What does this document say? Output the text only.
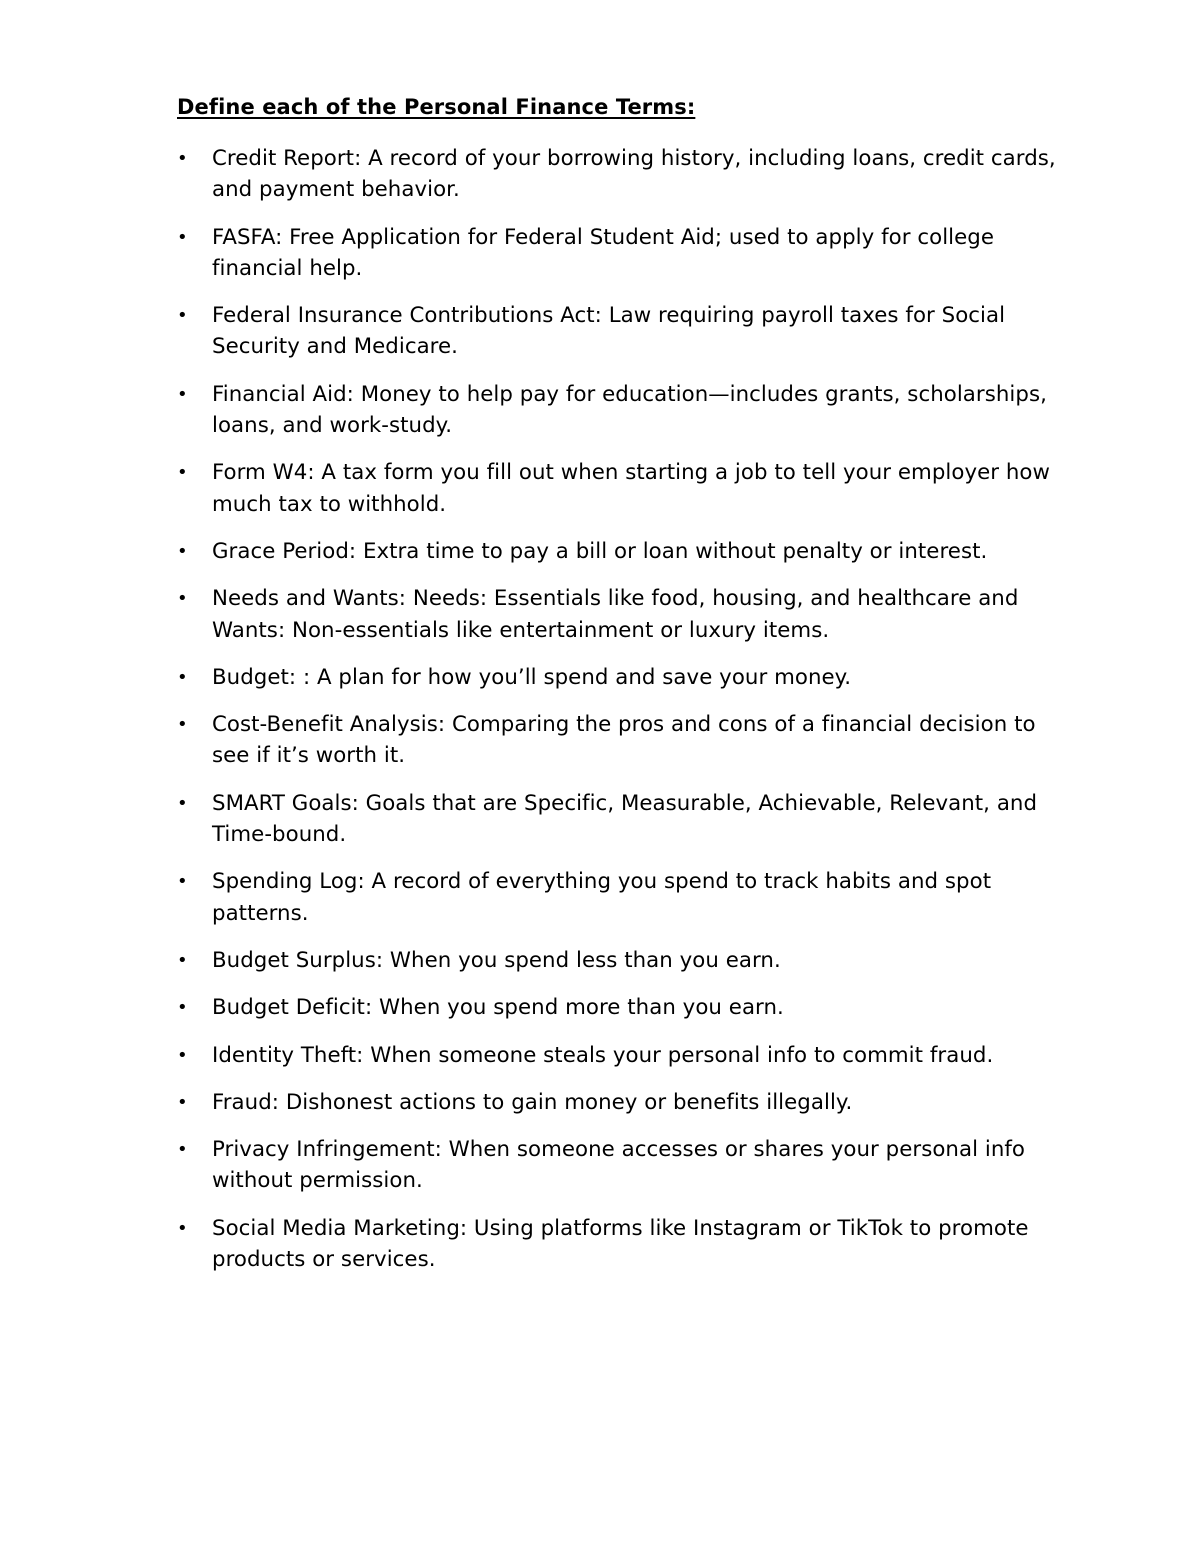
Define each of the Personal Finance Terms:
• Credit Report: A record of your borrowing history, including loans, credit cards, and payment behavior.
• FASFA: Free Application for Federal Student Aid; used to apply for college financial help.
• Federal Insurance Contributions Act: Law requiring payroll taxes for Social Security and Medicare.
• Financial Aid: Money to help pay for education—includes grants, scholarships, loans, and work-study.
• Form W4: A tax form you fill out when starting a job to tell your employer how much tax to withhold.
• Grace Period: Extra time to pay a bill or loan without penalty or interest.
• Needs and Wants: Needs: Essentials like food, housing, and healthcare and Wants: Non-essentials like entertainment or luxury items.
• Budget: : A plan for how you’ll spend and save your money.
• Cost-Benefit Analysis: Comparing the pros and cons of a financial decision to see if it’s worth it.
• SMART Goals: Goals that are Specific, Measurable, Achievable, Relevant, and Time-bound.
• Spending Log: A record of everything you spend to track habits and spot patterns.
• Budget Surplus: When you spend less than you earn.
• Budget Deficit: When you spend more than you earn.
• Identity Theft: When someone steals your personal info to commit fraud.
• Fraud: Dishonest actions to gain money or benefits illegally.
• Privacy Infringement: When someone accesses or shares your personal info without permission.
• Social Media Marketing: Using platforms like Instagram or TikTok to promote products or services.
